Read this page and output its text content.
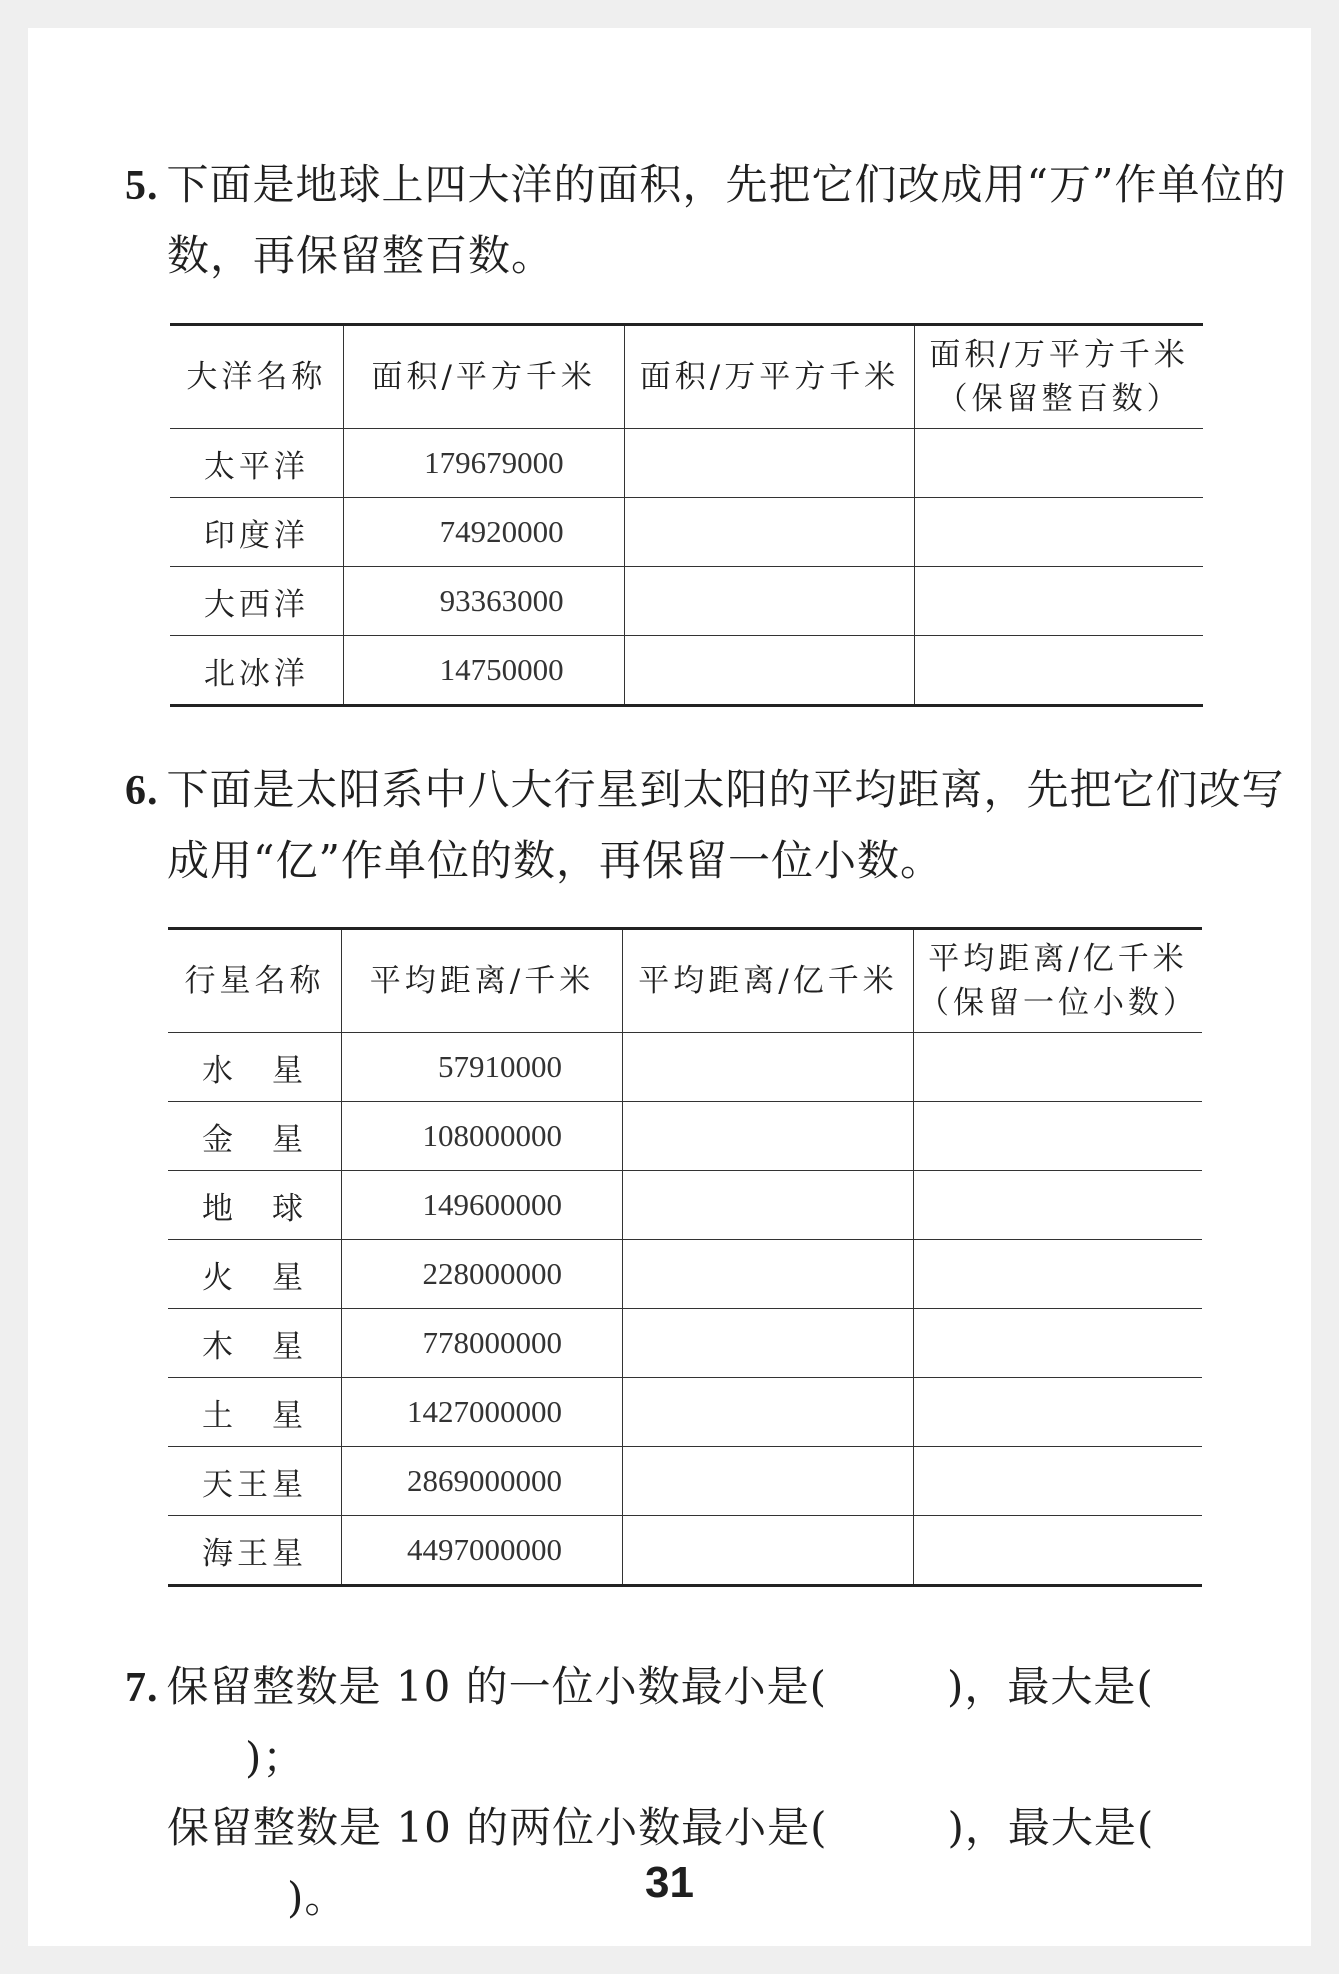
5. 下面是地球上四大洋的面积，先把它们改成用“万”作单位的
数，再保留整百数。
大洋名称	面积/平方千米	面积/万平方千米	面积/万平方千米
（保留整百数）
太平洋	179679000		
印度洋	74920000		
大西洋	93363000		
北冰洋	14750000		
6. 下面是太阳系中八大行星到太阳的平均距离，先把它们改写
成用“亿”作单位的数，再保留一位小数。
行星名称	平均距离/千米	平均距离/亿千米	平均距离/亿千米
（保留一位小数）
水　星	57910000		
金　星	108000000		
地　球	149600000		
火　星	228000000		
木　星	778000000		
土　星	1427000000		
天王星	2869000000		
海王星	4497000000		
7. 保留整数是 10 的一位小数最小是(	)，最大是()；
保留整数是 10 的两位小数最小是(	)，最大是()。	31
